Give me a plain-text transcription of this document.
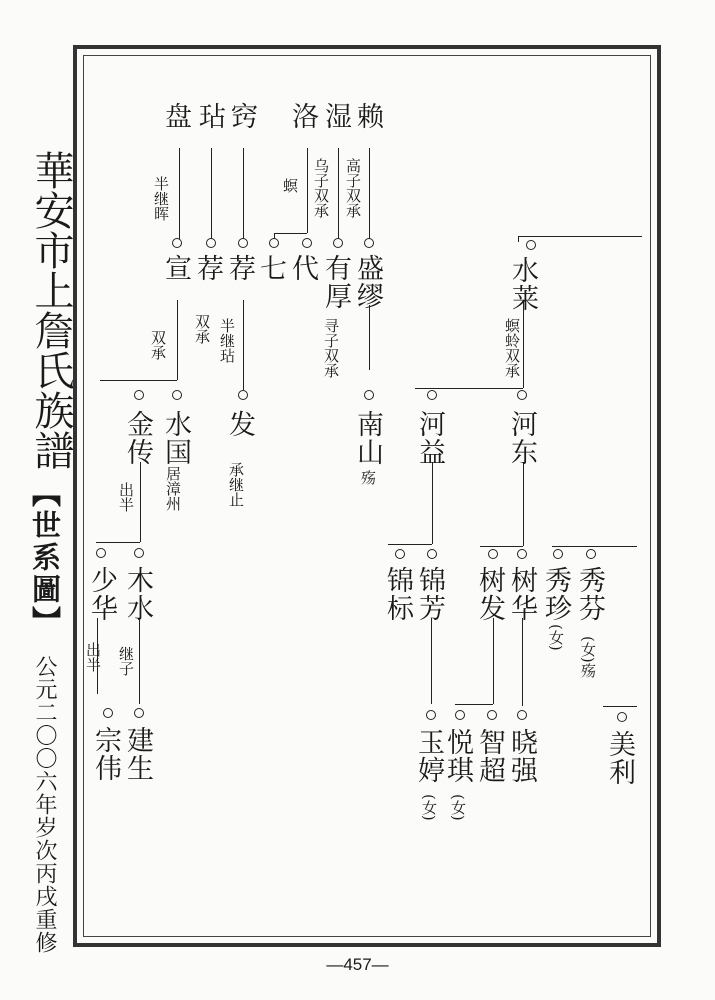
華安市上詹氏族譜
【世系圖】
公元二〇〇六年岁次丙戌重修
赖
湿
洛
窍
玷
盘
高子双承
乌子双承
螟
半继晖
盛缪
有厚
代
七
荐
荐
宣	水莱
寻子双承
半继玷
双承
双承	螟蛉双承
南山
发
水国
金传	河益 河东
殇
承继止
居漳州
出半
木水
少华	锦芳
锦标 树发 树华 秀珍 秀芬
继子
出半
(女) (女)殇
建生
宗伟	玉婷
悦琪 智超 晓强 美利
(女) (女)
—457—
